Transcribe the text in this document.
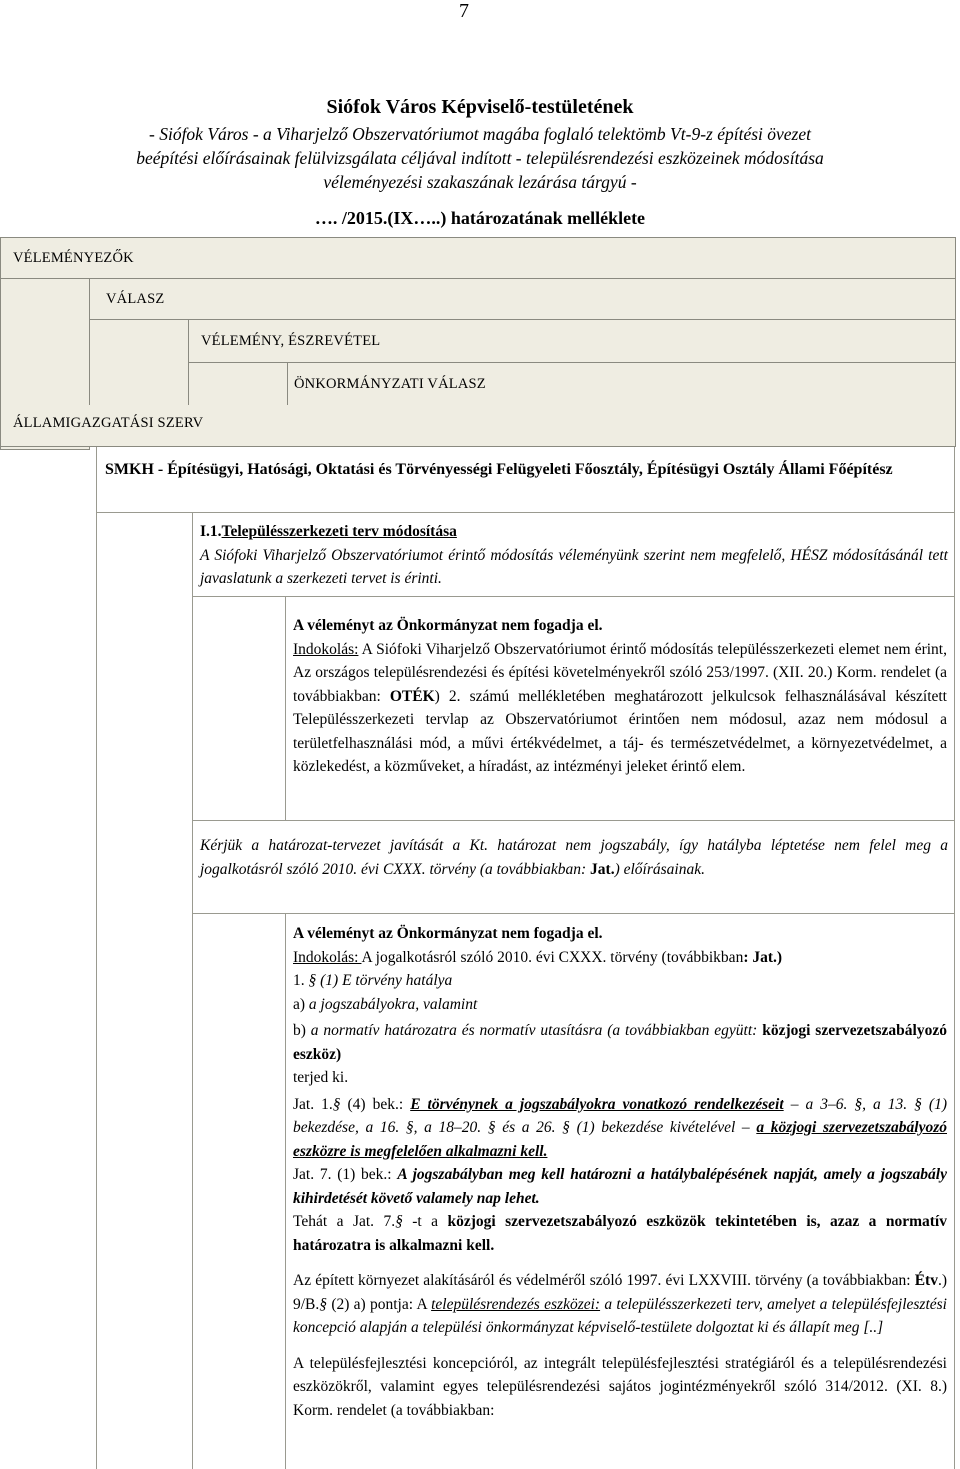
7
Siófok Város Képviselő-testületének
- Siófok Város - a Viharjelző Obszervatóriumot magába foglaló telektömb Vt-9-z építési övezet
beépítési előírásainak felülvizsgálata céljával indított - településrendezési eszközeinek módosítása
véleményezési szakaszának lezárása tárgyú -
…. /2015.(IX…..) határozatának melléklete
VÉLEMÉNYEZŐK
VÁLASZ
VÉLEMÉNY, ÉSZREVÉTEL
ÖNKORMÁNYZATI VÁLASZ
ÁLLAMIGAZGATÁSI SZERV
SMKH - Építésügyi, Hatósági, Oktatási és Törvényességi Felügyeleti Főosztály, Építésügyi Osztály Állami Főépítész

I.1.Településszerkezeti terv módosítása

A Siófoki Viharjelző Obszervatóriumot érintő módosítás véleményünk szerint nem megfelelő, HÉSZ módosításánál tett javaslatunk a szerkezeti tervet is érinti.

A véleményt az Önkormányzat nem fogadja el.

Indokolás: A Siófoki Viharjelző Obszervatóriumot érintő módosítás településszerkezeti elemet nem érint, Az országos településrendezési és építési követelményekről szóló 253/1997. (XII. 20.) Korm. rendelet (a továbbiakban: OTÉK) 2. számú mellékletében meghatározott jelkulcsok felhasználásával készített Településszerkezeti tervlap az Obszervatóriumot érintően nem módosul, azaz nem módosul a területfelhasználási mód, a művi értékvédelmet, a táj- és természetvédelmet, a környezetvédelmet, a közlekedést, a közműveket, a híradást, az intézményi jeleket érintő elem.

Kérjük a határozat-tervezet javítását a Kt. határozat nem jogszabály, így hatályba léptetése nem felel meg a jogalkotásról szóló 2010. évi CXXX. törvény (a továbbiakban: Jat.) előírásainak.

A véleményt az Önkormányzat nem fogadja el.

Indokolás: A jogalkotásról szóló 2010. évi CXXX. törvény (továbbikban: Jat.)

1. § (1) E törvény hatálya

a) a jogszabályokra, valamint

b) a normatív határozatra és normatív utasításra (a továbbiakban együtt: közjogi szervezetszabályozó eszköz)

terjed ki.

Jat. 1.§ (4) bek.: E törvénynek a jogszabályokra vonatkozó rendelkezéseit – a 3–6. §, a 13. § (1) bekezdése, a 16. §, a 18–20. § és a 26. § (1) bekezdése kivételével – a közjogi szervezetszabályozó eszközre is megfelelően alkalmazni kell.

Jat. 7. (1) bek.: A jogszabályban meg kell határozni a hatálybalépésének napját, amely a jogszabály kihirdetését követő valamely nap lehet.

Tehát a Jat. 7.§ -t a közjogi szervezetszabályozó eszközök tekintetében is, azaz a normatív határozatra is alkalmazni kell.

Az épített környezet alakításáról és védelméről szóló 1997. évi LXXVIII. törvény (a továbbiakban: Étv.) 9/B.§ (2) a) pontja: A településrendezés eszközei: a településszerkezeti terv, amelyet a településfejlesztési koncepció alapján a települési önkormányzat képviselő-testülete dolgoztat ki és állapít meg [..]

A településfejlesztési koncepcióról, az integrált településfejlesztési stratégiáról és a településrendezési eszközökről, valamint egyes településrendezési sajátos jogintézményekről szóló 314/2012. (XI. 8.) Korm. rendelet (a továbbiakban:
